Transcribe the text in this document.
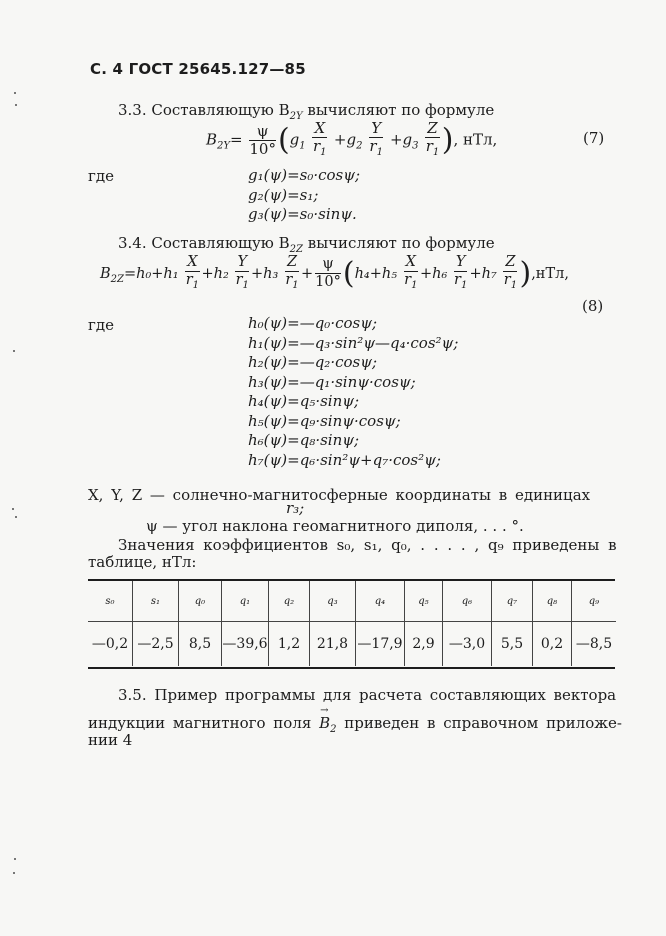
С. 4 ГОСТ 25645.127—85
3.3. Составляющую $B_{2Y}$ вычисляют по формуле
$B_{2Y}= \frac{\psi}{10^\circ} (g_1 \frac{X}{r_1} +g_2 \frac{Y}{r_1} +g_3 \frac{Z}{r_1}$ ), нТл,	(7)
где	g₁(ψ)=s₀·cosψ;
g₂(ψ)=s₁;
g₃(ψ)=s₀·sinψ.
3.4. Составляющую $B_{2Z}$ вычисляют по формуле
$B_{2Z}=h_0+h_1 \frac{X}{r_1} +h_2 \frac{Y}{r_1} +h_3 \frac{Z}{r_1} + \frac{\psi}{10^\circ} (h_4+h_5 \frac{X}{r_1} +h_6 \frac{Y}{r_1} +h_7 \frac{Z}{r_1} ),нТл$,
(8)
где	h₀(ψ)=—q₀·cosψ;
h₁(ψ)=—q₃·sin²ψ—q₄·cos²ψ;
h₂(ψ)=—q₂·cosψ;
h₃(ψ)=—q₁·sinψ·cosψ;
h₄(ψ)=q₅·sinψ;
h₅(ψ)=q₉·sinψ·cosψ;
h₆(ψ)=q₈·sinψ;
h₇(ψ)=q₆·sin²ψ+q₇·cos²ψ;
X, Y, Z — солнечно-магнитосферные координаты в единицах
r₃;
ψ — угол наклона геомагнитного диполя, . . . °.
Значения коэффициентов s₀, s₁, q₀, . . . . , q₉ приведены в
таблице, нТл:
s₀	s₁	q₀	q₁	q₂	q₃	q₄	q₅	q₆	q₇	q₈	q₉
—0,2	—2,5	8,5	—39,6	1,2	21,8	—17,9	2,9	—3,0	5,5	0,2	—8,5
3.5. Пример программы для расчета составляющих вектора
индукции магнитного поля
→
$B_2$ приведен в справочном приложе-
нии 4
